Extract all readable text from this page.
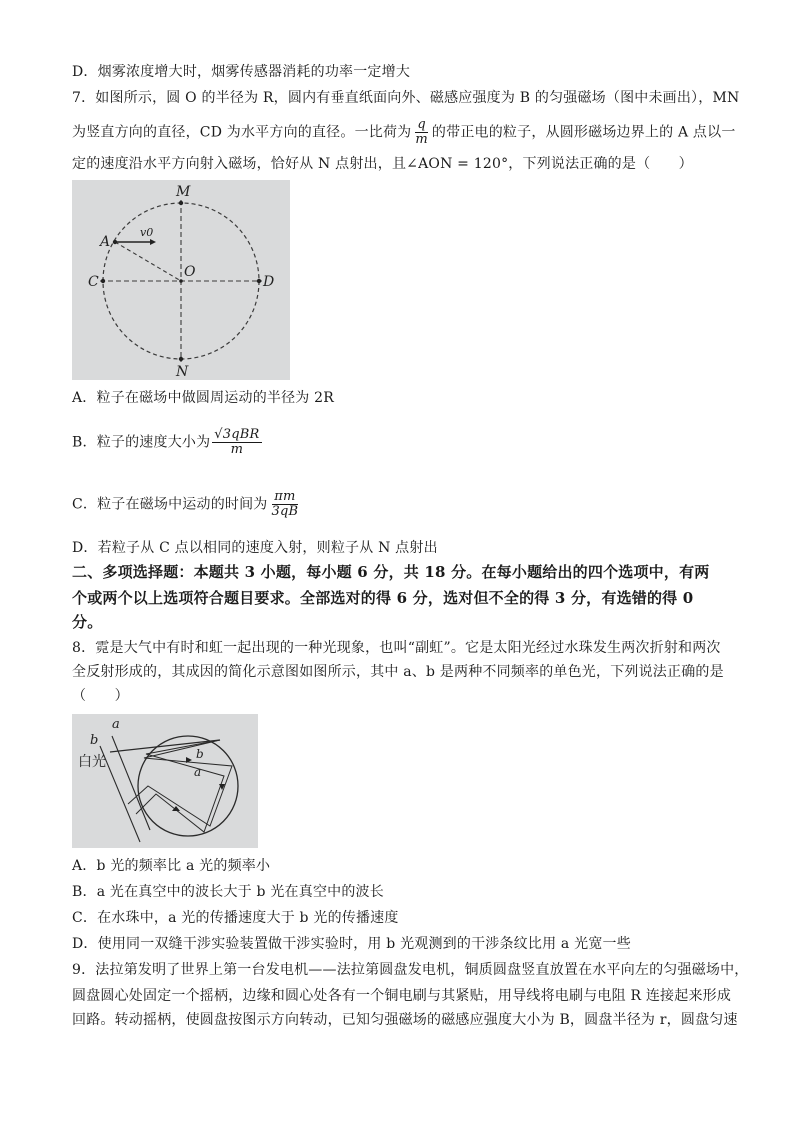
D．烟雾浓度增大时，烟雾传感器消耗的功率一定增大
7．如图所示，圆 O 的半径为 R，圆内有垂直纸面向外、磁感应强度为 B 的匀强磁场（图中未画出），MN
为竖直方向的直径，CD 为水平方向的直径。一比荷为 $\frac{q}{m}$ 的带正电的粒子，从圆形磁场边界上的 A 点以一
定的速度沿水平方向射入磁场，恰好从 N 点射出，且∠AON = 120°，下列说法正确的是（　　）
M
N
C	D
O
A
v0
A．粒子在磁场中做圆周运动的半径为 2R
B．粒子的速度大小为 $\frac{\text{√3qBR}}{m}$
C．粒子在磁场中运动的时间为 $\frac{\pi m}{3qB}$
D．若粒子从 C 点以相同的速度入射，则粒子从 N 点射出
二、多项选择题：本题共 3 小题，每小题 6 分，共 18 分。在每小题给出的四个选项中，有两
个或两个以上选项符合题目要求。全部选对的得 6 分，选对但不全的得 3 分，有选错的得 0
分。
8．霓是大气中有时和虹一起出现的一种光现象，也叫“副虹”。它是太阳光经过水珠发生两次折射和两次
全反射形成的，其成因的简化示意图如图所示，其中 a、b 是两种不同频率的单色光，下列说法正确的是
（　　）
b
a
白光	b
a
A．b 光的频率比 a 光的频率小
B．a 光在真空中的波长大于 b 光在真空中的波长
C．在水珠中，a 光的传播速度大于 b 光的传播速度
D．使用同一双缝干涉实验装置做干涉实验时，用 b 光观测到的干涉条纹比用 a 光宽一些
9．法拉第发明了世界上第一台发电机——法拉第圆盘发电机，铜质圆盘竖直放置在水平向左的匀强磁场中，
圆盘圆心处固定一个摇柄，边缘和圆心处各有一个铜电刷与其紧贴，用导线将电刷与电阻 R 连接起来形成
回路。转动摇柄，使圆盘按图示方向转动，已知匀强磁场的磁感应强度大小为 B，圆盘半径为 r，圆盘匀速
